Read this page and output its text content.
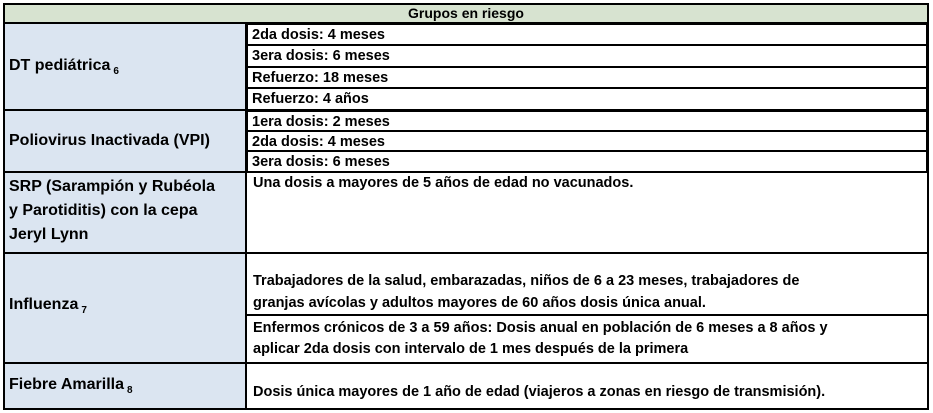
Grupos en riesgo
DT pediátrica $_6$
2da dosis: 4 meses
3era dosis: 6 meses
Refuerzo: 18 meses
Refuerzo: 4 años
Poliovirus Inactivada (VPI)
1era dosis: 2 meses
2da dosis: 4 meses
3era dosis: 6 meses
SRP (Sarampión y Rubéola
y Parotiditis) con la cepa
Jeryl Lynn
Una dosis a mayores de 5 años de edad no vacunados.
Influenza $_7$
Trabajadores de la salud, embarazadas, niños de 6 a 23 meses, trabajadores de
granjas avícolas y adultos mayores de 60 años dosis única anual.
Enfermos crónicos de 3 a 59 años: Dosis anual en población de 6 meses a 8 años y
aplicar 2da dosis con intervalo de 1 mes después de la primera
Fiebre Amarilla $_8$	Dosis única mayores de 1 año de edad (viajeros a zonas en riesgo de transmisión).
